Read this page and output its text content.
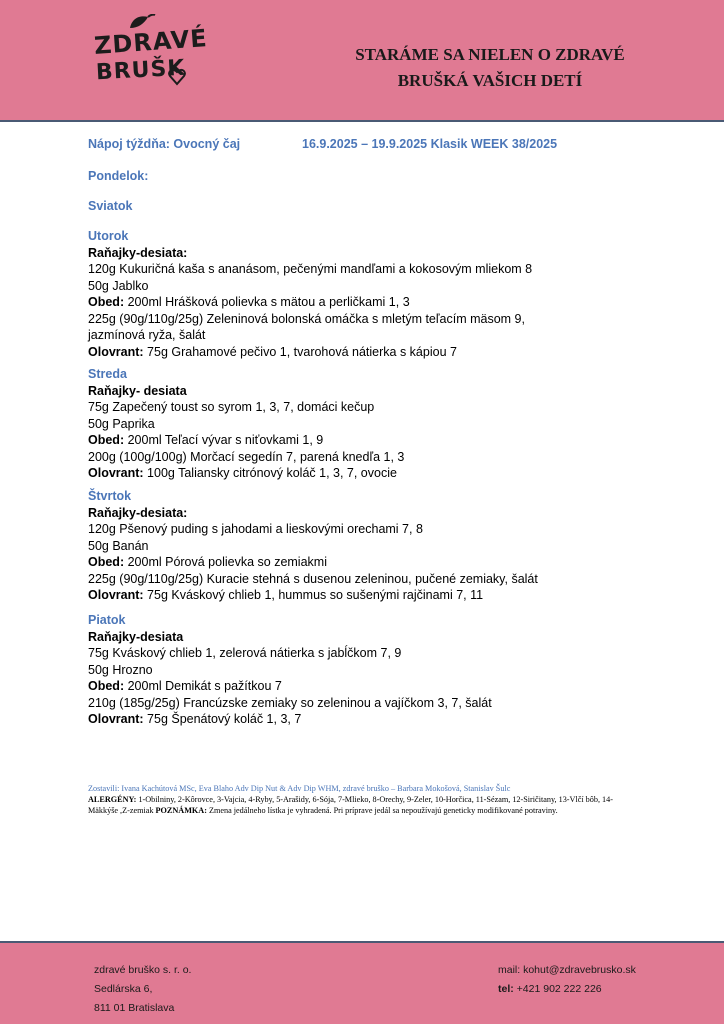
ZDRAVÉ
BRUŠK
STARÁME SA NIELEN O ZDRAVÉ
BRUŠKÁ VAŠICH DETÍ
Nápoj týždňa: Ovocný čaj	16.9.2025 – 19.9.2025 Klasik WEEK 38/2025
Pondelok:
Sviatok
Utorok
Raňajky-desiata:
120g Kukuričná kaša s ananásom, pečenými mandľami a kokosovým mliekom 8
50g Jablko
Obed: 200ml Hrášková polievka s mätou a perličkami 1, 3
225g (90g/110g/25g) Zeleninová bolonská omáčka s mletým teľacím mäsom 9,
jazmínová ryža, šalát
Olovrant: 75g Grahamové pečivo 1, tvarohová nátierka s kápiou 7
Streda
Raňajky- desiata
75g Zapečený toust so syrom 1, 3, 7, domáci kečup
50g Paprika
Obed: 200ml Teľací vývar s niťovkami 1, 9
200g (100g/100g) Morčací segedín 7, parená knedľa 1, 3
Olovrant: 100g Taliansky citrónový koláč 1, 3, 7, ovocie
Štvrtok
Raňajky-desiata:
120g Pšenový puding s jahodami a lieskovými orechami 7, 8
50g Banán
Obed: 200ml Pórová polievka so zemiakmi
225g (90g/110g/25g) Kuracie stehná s dusenou zeleninou, pučené zemiaky, šalát
Olovrant: 75g Kváskový chlieb 1, hummus so sušenými rajčinami 7, 11
Piatok
Raňajky-desiata
75g Kváskový chlieb 1, zelerová nátierka s jabĺčkom 7, 9
50g Hrozno
Obed: 200ml Demikát s pažítkou 7
210g (185g/25g) Francúzske zemiaky so zeleninou a vajíčkom 3, 7, šalát
Olovrant: 75g Špenátový koláč 1, 3, 7
Zostavili: Ivana Kachútová MSc, Eva Blaho Adv Dip Nut & Adv Dip WHM, zdravé bruško – Barbara Mokošová, Stanislav Šulc
ALERGÉNY: 1-Obilniny, 2-Kôrovce, 3-Vajcia, 4-Ryby, 5-Arašidy, 6-Sója, 7-Mlieko, 8-Orechy, 9-Zeler, 10-Horčica, 11-Sézam, 12-Siričitany, 13-Vlčí bôb, 14-Mäkkýše ,Z-zemiak POZNÁMKA: Zmena jedálneho lístka je vyhradená. Pri príprave jedál sa nepoužívajú geneticky modifikované potraviny.
zdravé bruško s. r. o.
Sedlárska 6,
811 01 Bratislava
mail: kohut@zdravebrusko.sk
tel: +421 902 222 226
